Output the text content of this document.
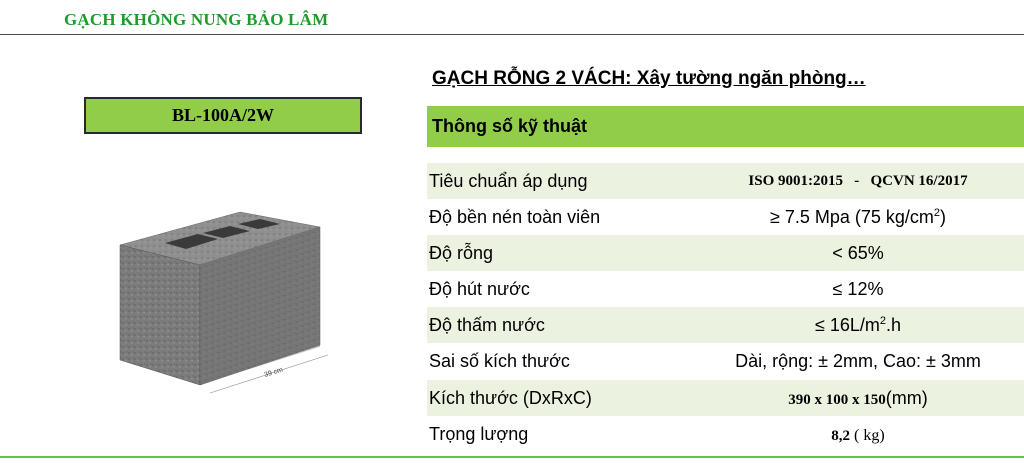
GẠCH KHÔNG NUNG BẢO LÂM
BL-100A/2W
39 cm
GẠCH RỖNG 2 VÁCH: Xây tường ngăn phòng…
Thông số kỹ thuật
Tiêu chuẩn áp dụng	ISO 9001:2015   -   QCVN 16/2017
Độ bền nén toàn viên	≥ 7.5 Mpa (75 $kg/cm^2$)
Độ rỗng	< 65%
Độ hút nước	≤ 12%
Độ thấm nước	≤ $16L/m^2.h$
Sai số kích thước	Dài, rộng: ± 2mm, Cao: ± 3mm
Kích thước (DxRxC)	390 x 100 x 150(mm)
Trọng lượng	8,2 ( kg)
